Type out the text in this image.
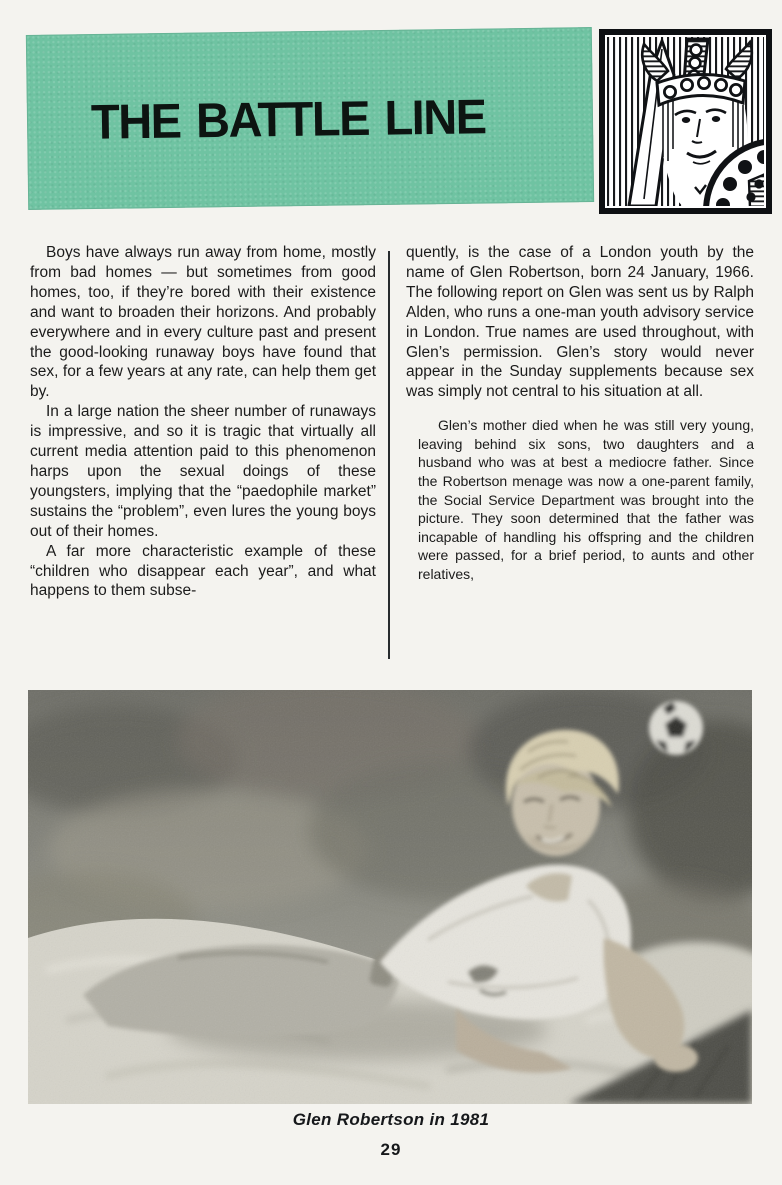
THE BATTLE LINE

Boys have always run away from home, mostly from bad homes — but sometimes from good homes, too, if they’re bored with their existence and want to broaden their horizons. And probably everywhere and in every culture past and present the good-looking runaway boys have found that sex, for a few years at any rate, can help them get by.

In a large nation the sheer number of runaways is impressive, and so it is tragic that virtually all current media attention paid to this phenomenon harps upon the sexual doings of these youngsters, implying that the “paedophile market” sustains the “problem”, even lures the young boys out of their homes.

A far more characteristic example of these “children who disappear each year”, and what happens to them subse-

quently, is the case of a London youth by the name of Glen Robertson, born 24 January, 1966. The following report on Glen was sent us by Ralph Alden, who runs a one-man youth advisory service in London. True names are used throughout, with Glen’s permission. Glen’s story would never appear in the Sunday supplements because sex was simply not central to his situation at all.

Glen’s mother died when he was still very young, leaving behind six sons, two daughters and a husband who was at best a mediocre father. Since the Robertson menage was now a one-parent family, the Social Service Department was brought into the picture. They soon determined that the father was incapable of handling his offspring and the children were passed, for a brief period, to aunts and other relatives,

Glen Robertson in 1981
29
